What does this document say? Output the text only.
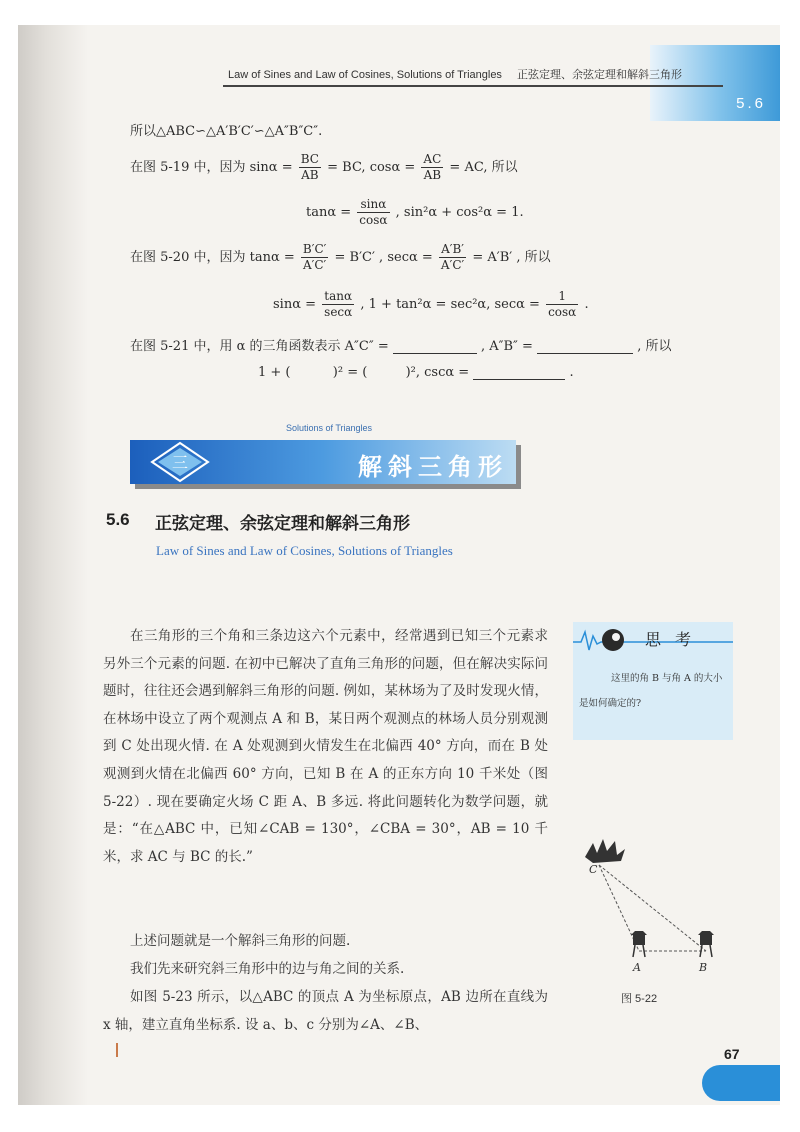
5.6
Law of Sines and Law of Cosines, Solutions of Triangles 正弦定理、余弦定理和解斜三角形
所以△ABC∽△A′B′C′∽△A″B″C″.
在图 5-19 中，因为 $\sin\alpha = \frac{BC}{AB}$ = BC, $\cos\alpha = \frac{AC}{AB}$ = AC, 所以
$\tan\alpha = \frac{\sin\alpha}{\cos\alpha}$ , sin²α + cos²α = 1.
在图 5-20 中，因为 $\tan\alpha = \frac{B'C'}{A'C'} = B'C'$ , $\sec\alpha = \frac{A'B'}{A'C'} = A'B'$ , 所以
$\sin\alpha = \frac{\tan\alpha}{\sec\alpha}$ , 1 + tan²α = sec²α, $\sec\alpha = \frac{1}{\cos\alpha}$ .
在图 5-21 中，用 α 的三角函数表示 A″C″ =	, A″B″ =	, 所以
1 + (	)² = (	)², cscα =	.
Solutions of Triangles
三	解斜三角形
5.6 正弦定理、余弦定理和解斜三角形
Law of Sines and Law of Cosines, Solutions of Triangles
在三角形的三个角和三条边这六个元素中，经常遇到已知三个元素求另外三个元素的问题. 在初中已解决了直角三角形的问题，但在解决实际问题时，往往还会遇到解斜三角形的问题. 例如，某林场为了及时发现火情，在林场中设立了两个观测点 A 和 B，某日两个观测点的林场人员分别观测到 C 处出现火情. 在 A 处观测到火情发生在北偏西 40° 方向，而在 B 处观测到火情在北偏西 60° 方向，已知 B 在 A 的正东方向 10 千米处（图 5-22）. 现在要确定火场 C 距 A、B 多远. 将此问题转化为数学问题，就是：“在△ABC 中，已知∠CAB = 130°，∠CBA = 30°，AB = 10 千米，求 AC 与 BC 的长.”
上述问题就是一个解斜三角形的问题.
我们先来研究斜三角形中的边与角之间的关系.
如图 5-23 所示，以△ABC 的顶点 A 为坐标原点，AB 边所在直线为 x 轴，建立直角坐标系. 设 a、b、c 分别为∠A、∠B、
思考
这里的角 B 与角 A 的大小是如何确定的?
C
A	B
图 5-22
67
